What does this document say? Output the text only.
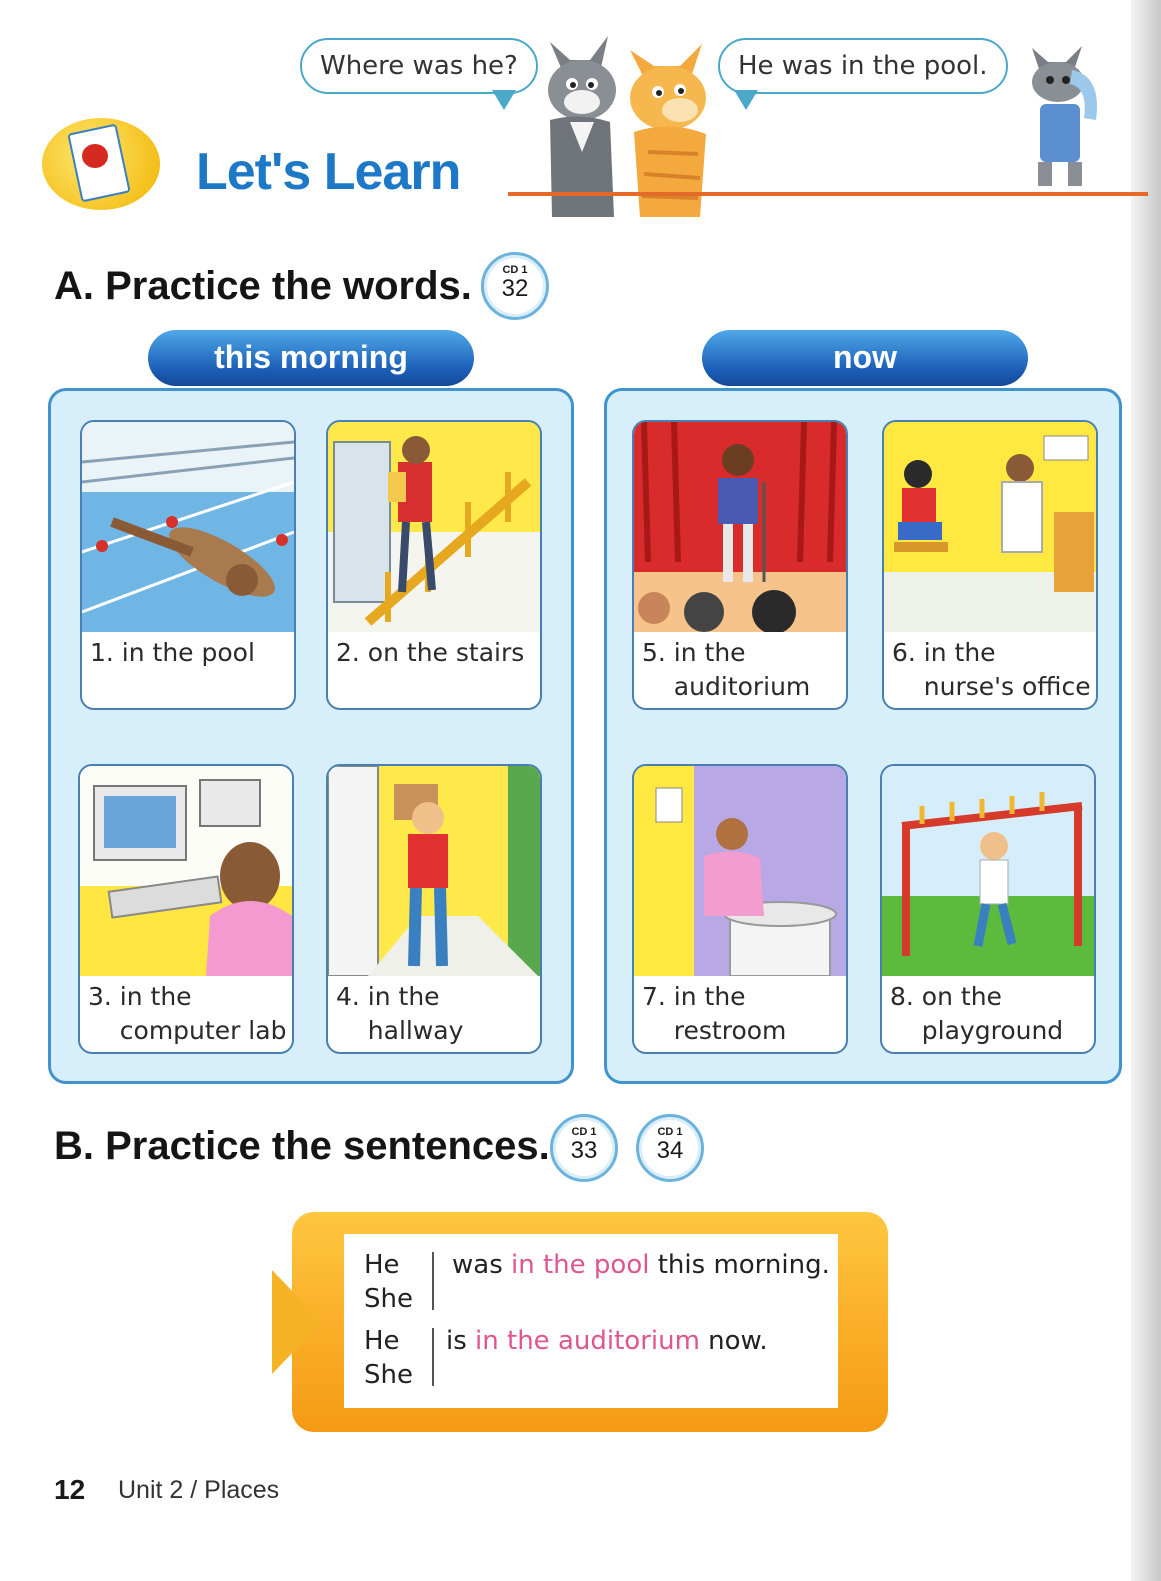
Where was he?	He was in the pool.
Let's Learn
A. Practice the words.	CD 1
32
this morning	now
1. in the pool	2. on the stairs
3. in the
computer lab
4. in the
hallway
5. in the
auditorium
6. in the
nurse's office
7. in the
restroom
8. on the
playground
B. Practice the sentences.	CD 1
33
CD 1
34
He
She
was in the pool this morning.
He
She
is in the auditorium now.
12 Unit 2 / Places
